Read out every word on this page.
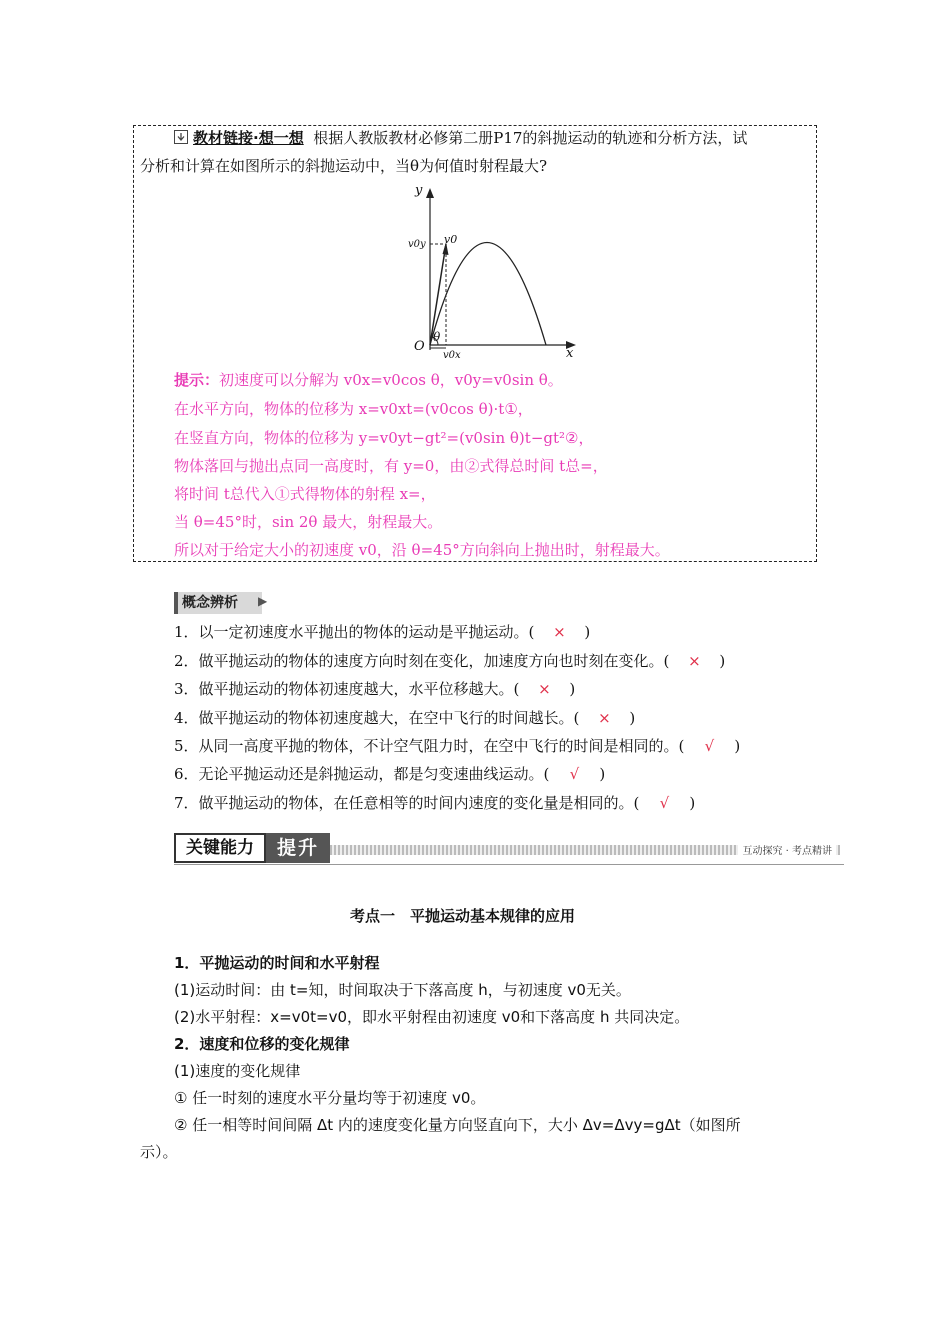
教材链接·想一想 根据人教版教材必修第二册P17的斜抛运动的轨迹和分析方法，试
分析和计算在如图所示的斜抛运动中，当θ为何值时射程最大?
y
x
O
v0y
v0x
v0
θ
提示：初速度可以分解为 v0x=v0cos θ，v0y=v0sin θ。
在水平方向，物体的位移为 x=v0xt=(v0cos θ)·t①，
在竖直方向，物体的位移为 y=v0yt−gt²=(v0sin θ)t−gt²②，
物体落回与抛出点同一高度时，有 y=0，由②式得总时间 t总=，
将时间 t总代入①式得物体的射程 x=，
当 θ=45°时，sin 2θ 最大，射程最大。
所以对于给定大小的初速度 v0，沿 θ=45°方向斜向上抛出时，射程最大。
概念辨析	▶
1．以一定初速度水平抛出的物体的运动是平抛运动。( × )
2．做平抛运动的物体的速度方向时刻在变化，加速度方向也时刻在变化。( × )
3．做平抛运动的物体初速度越大，水平位移越大。( × )
4．做平抛运动的物体初速度越大，在空中飞行的时间越长。( × )
5．从同一高度平抛的物体，不计空气阻力时，在空中飞行的时间是相同的。( √ )
6．无论平抛运动还是斜抛运动，都是匀变速曲线运动。( √ )
7．做平抛运动的物体，在任意相等的时间内速度的变化量是相同的。( √ )
关键能力	提升	互动探究 · 考点精讲
考点一　平抛运动基本规律的应用
1．平抛运动的时间和水平射程
(1)运动时间：由 t=知，时间取决于下落高度 h，与初速度 v0无关。
(2)水平射程：x=v0t=v0，即水平射程由初速度 v0和下落高度 h 共同决定。
2．速度和位移的变化规律
(1)速度的变化规律
① 任一时刻的速度水平分量均等于初速度 v0。
② 任一相等时间间隔 Δt 内的速度变化量方向竖直向下，大小 Δv=Δvy=gΔt（如图所
示）。
